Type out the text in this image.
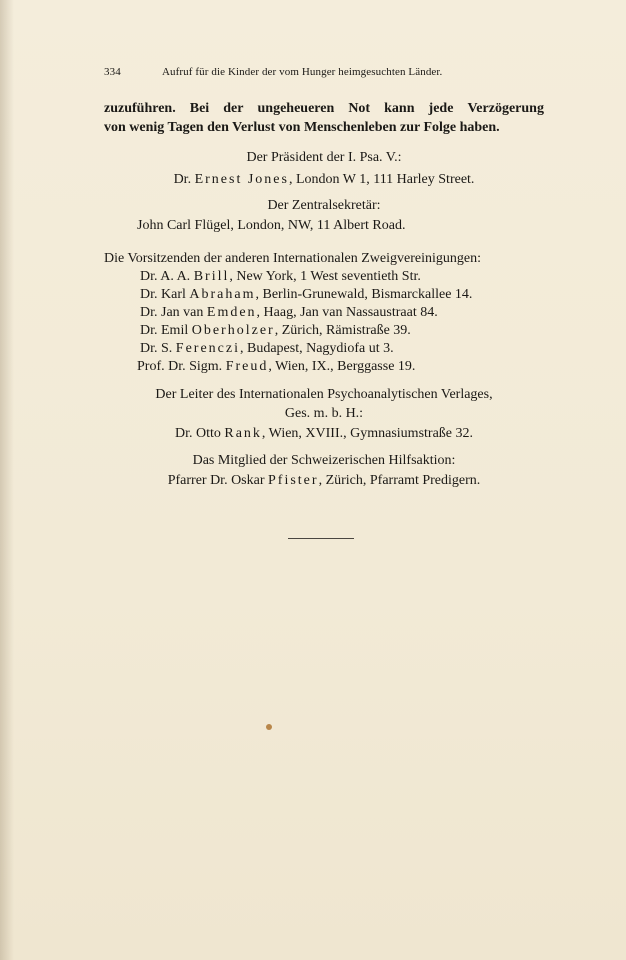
334	Aufruf für die Kinder der vom Hunger heimgesuchten Länder.
zuzuführen. Bei der ungeheueren Not kann jede Verzögerung
von wenig Tagen den Verlust von Menschenleben zur Folge haben.
Der Präsident der I. Psa. V.:
Dr. Ernest Jones, London W 1, 111 Harley Street.
Der Zentralsekretär:
John Carl Flügel, London, NW, 11 Albert Road.
Die Vorsitzenden der anderen Internationalen Zweigvereinigungen:
Dr. A. A. Brill, New York, 1 West seventieth Str.
Dr. Karl Abraham, Berlin-Grunewald, Bismarckallee 14.
Dr. Jan van Emden, Haag, Jan van Nassaustraat 84.
Dr. Emil Oberholzer, Zürich, Rämistraße 39.
Dr. S. Ferenczi, Budapest, Nagydiofa ut 3.
Prof. Dr. Sigm. Freud, Wien, IX., Berggasse 19.
Der Leiter des Internationalen Psychoanalytischen Verlages,
Ges. m. b. H.:
Dr. Otto Rank, Wien, XVIII., Gymnasiumstraße 32.
Das Mitglied der Schweizerischen Hilfsaktion:
Pfarrer Dr. Oskar Pfister, Zürich, Pfarramt Predigern.
